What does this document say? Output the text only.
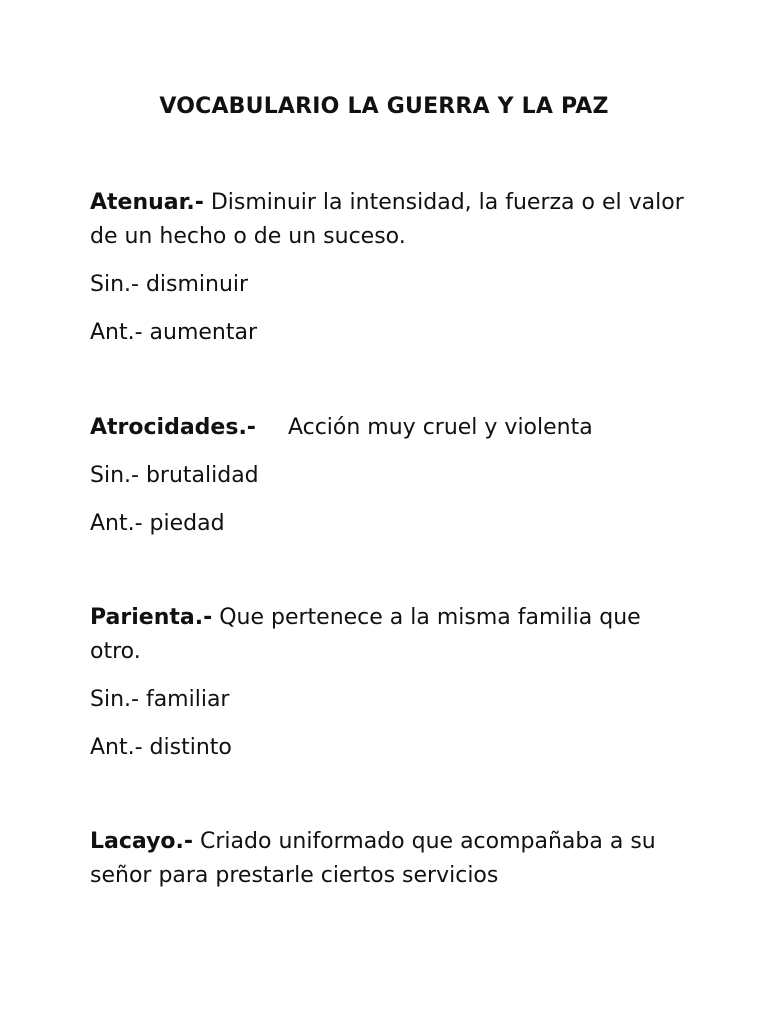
VOCABULARIO LA GUERRA Y LA PAZ

Atenuar.- Disminuir la intensidad, la fuerza o el valor de un hecho o de un suceso.

Sin.- disminuir

Ant.- aumentar

Atrocidades.- Acción muy cruel y violenta

Sin.- brutalidad

Ant.- piedad

Parienta.- Que pertenece a la misma familia que otro.

Sin.- familiar

Ant.- distinto

Lacayo.- Criado uniformado que acompañaba a su señor para prestarle ciertos servicios
